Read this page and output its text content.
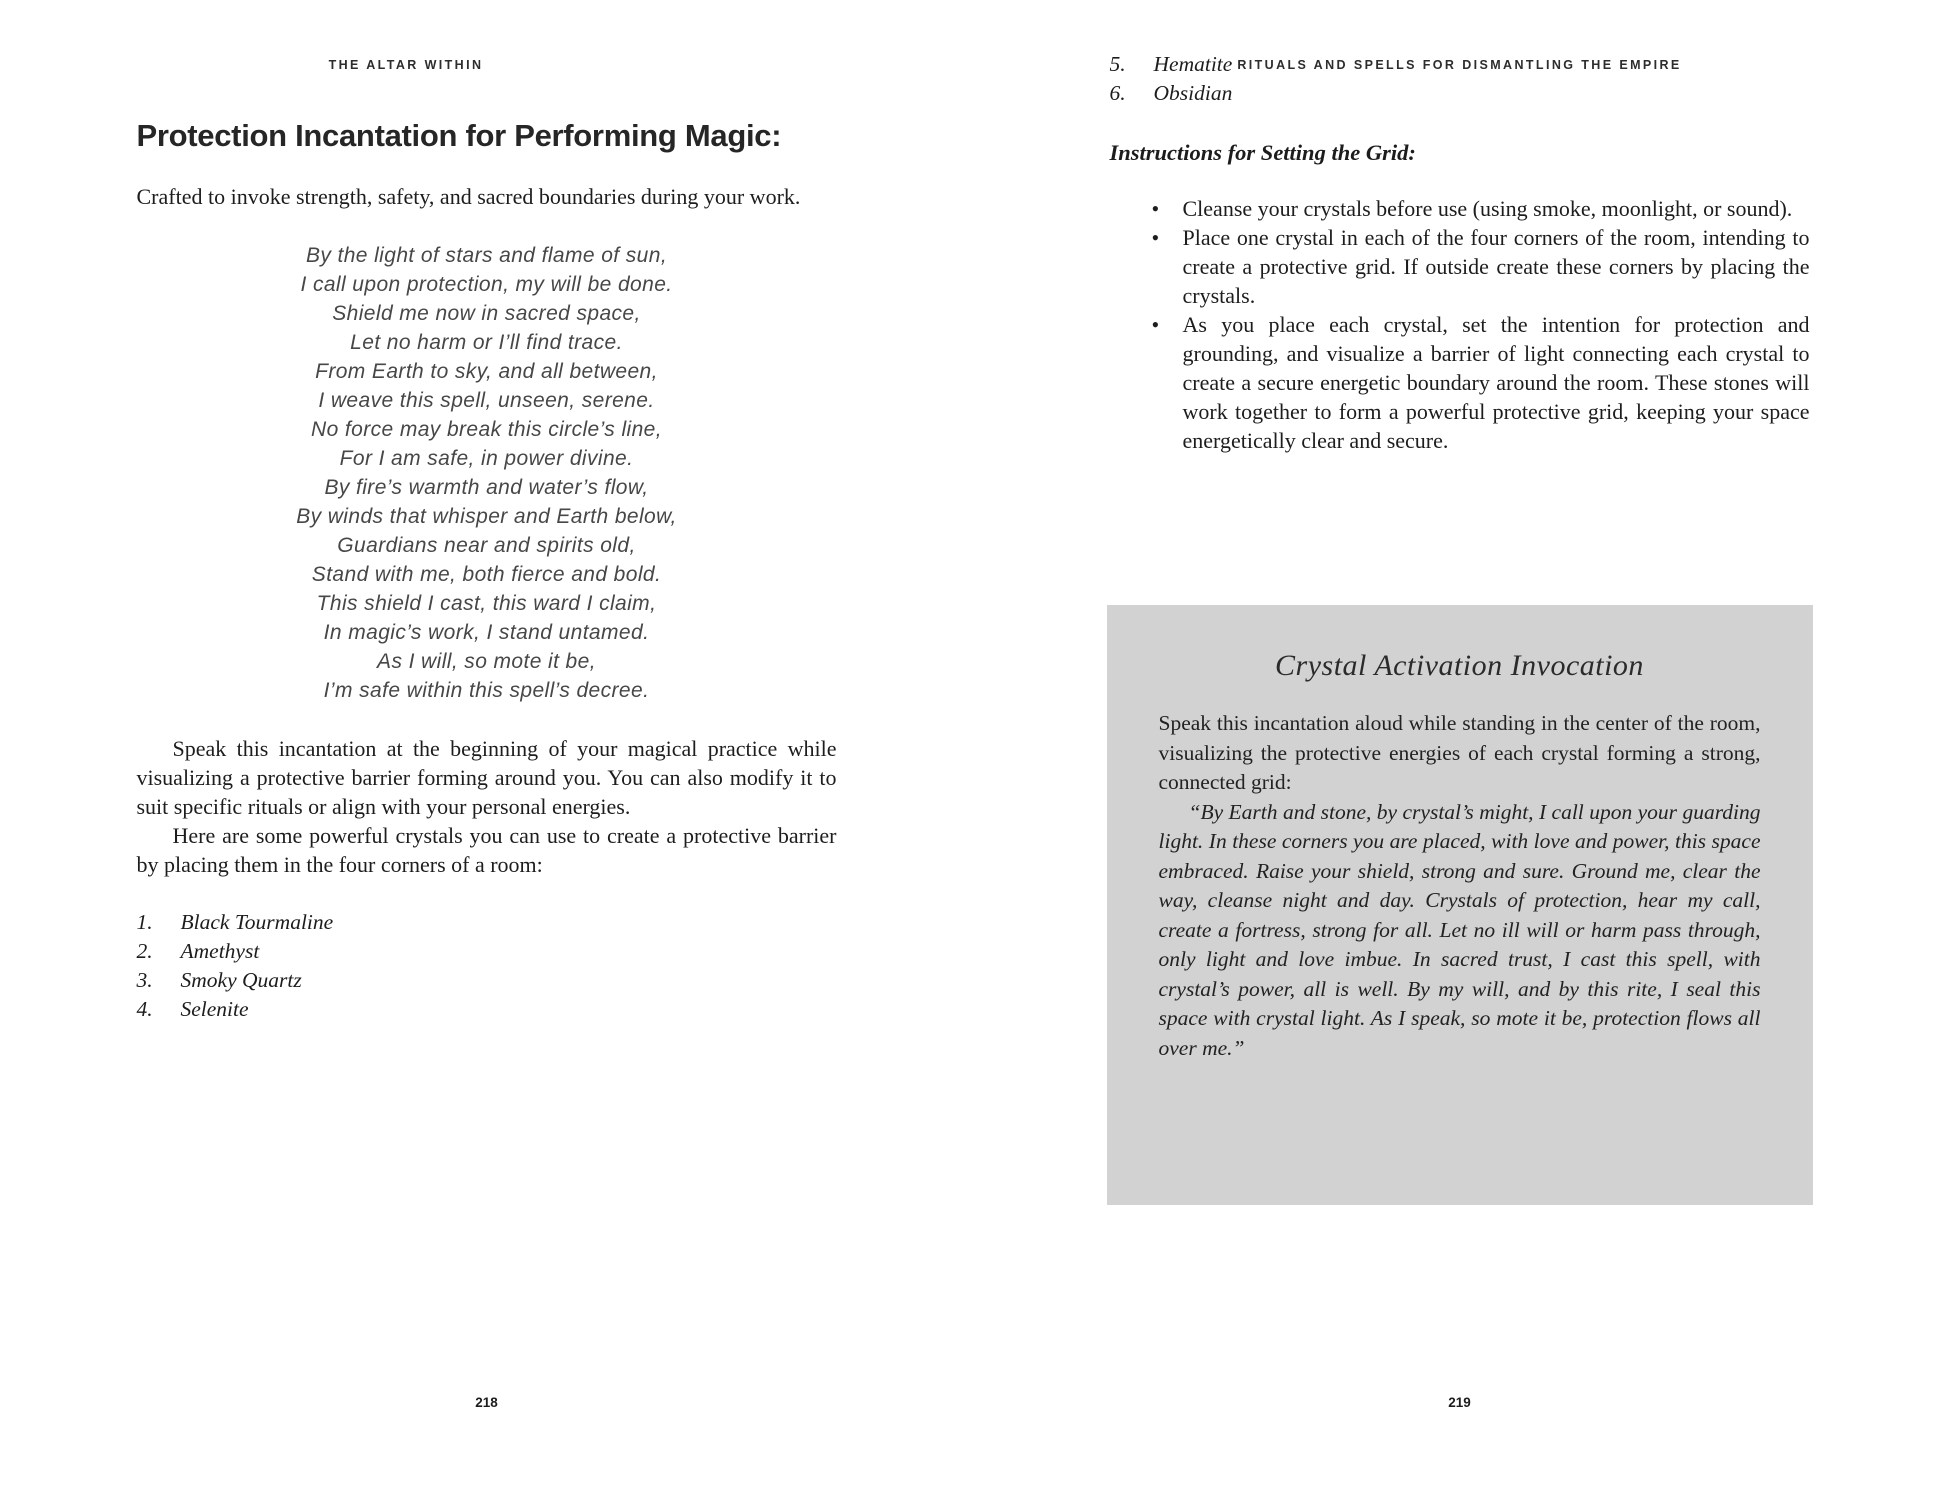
THE ALTAR WITHIN
Protection Incantation for Performing Magic:

Crafted to invoke strength, safety, and sacred boundaries during your work.

By the light of stars and flame of sun,
I call upon protection, my will be done.
Shield me now in sacred space,
Let no harm or I’ll find trace.
From Earth to sky, and all between,
I weave this spell, unseen, serene.
No force may break this circle’s line,
For I am safe, in power divine.
By fire’s warmth and water’s flow,
By winds that whisper and Earth below,
Guardians near and spirits old,
Stand with me, both fierce and bold.
This shield I cast, this ward I claim,
In magic’s work, I stand untamed.
As I will, so mote it be,
I’m safe within this spell’s decree.

Speak this incantation at the beginning of your magical practice while visualizing a protective barrier forming around you. You can also modify it to suit specific rituals or align with your personal energies.

Here are some powerful crystals you can use to create a protective barrier by placing them in the four corners of a room:

1.	Black Tourmaline
2.	Amethyst
3.	Smoky Quartz
4.	Selenite
218
RITUALS AND SPELLS FOR DISMANTLING THE EMPIRE
5.	Hematite
6.	Obsidian

Instructions for Setting the Grid:

•	Cleanse your crystals before use (using smoke, moonlight, or sound).
•	Place one crystal in each of the four corners of the room, intending to create a protective grid. If outside create these corners by placing the crystals.
•	As you place each crystal, set the intention for protection and grounding, and visualize a barrier of light connecting each crystal to create a secure energetic boundary around the room. These stones will work together to form a powerful protective grid, keeping your space energetically clear and secure.
Crystal Activation Invocation

Speak this incantation aloud while standing in the center of the room, visualizing the protective energies of each crystal forming a strong, connected grid:

“By Earth and stone, by crystal’s might, I call upon your guarding light. In these corners you are placed, with love and power, this space embraced. Raise your shield, strong and sure. Ground me, clear the way, cleanse night and day. Crystals of protection, hear my call, create a fortress, strong for all. Let no ill will or harm pass through, only light and love imbue. In sacred trust, I cast this spell, with crystal’s power, all is well. By my will, and by this rite, I seal this space with crystal light. As I speak, so mote it be, protection flows all over me.”

219
